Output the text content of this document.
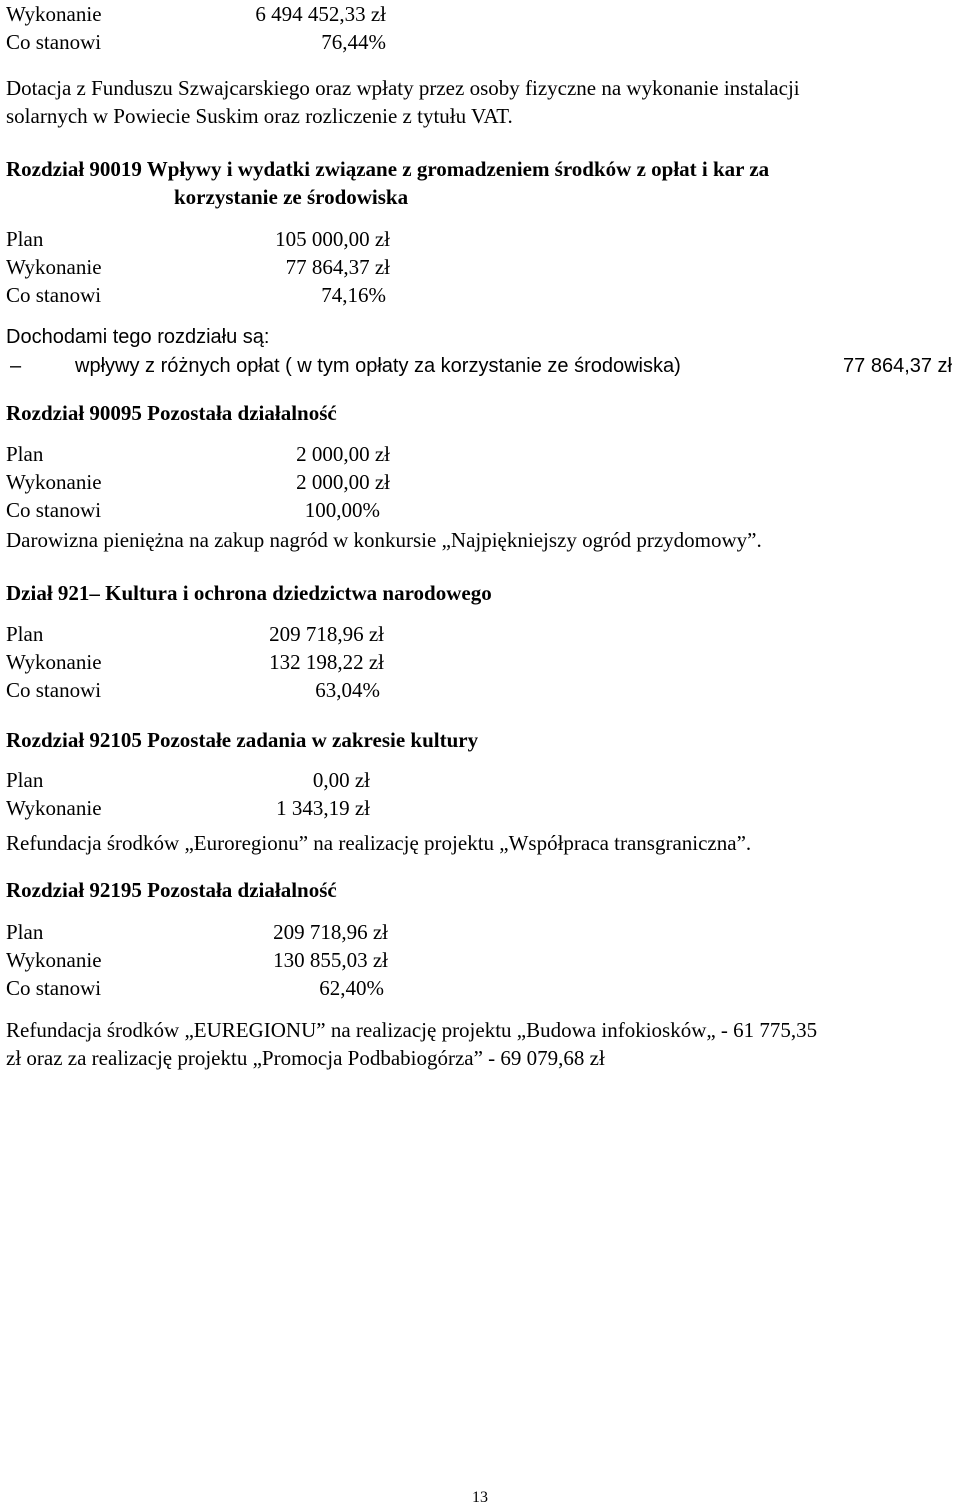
Wykonanie	6 494 452,33 zł
Co stanowi	76,44%
Dotacja z Funduszu Szwajcarskiego oraz wpłaty przez osoby fizyczne na wykonanie instalacji
solarnych w Powiecie Suskim oraz rozliczenie z tytułu VAT.
Rozdział 90019 Wpływy i wydatki związane z gromadzeniem środków z opłat i kar za
korzystanie ze środowiska
Plan	105 000,00 zł
Wykonanie	77 864,37 zł
Co stanowi	74,16%
Dochodami tego rozdziału są:
–	wpływy z różnych opłat ( w tym opłaty za korzystanie ze środowiska)	77 864,37 zł
Rozdział 90095 Pozostała działalność
Plan	2 000,00 zł
Wykonanie	2 000,00 zł
Co stanowi	100,00%
Darowizna pieniężna na zakup nagród w konkursie „Najpiękniejszy ogród przydomowy”.
Dział 921– Kultura i ochrona dziedzictwa narodowego
Plan	209 718,96 zł
Wykonanie	132 198,22 zł
Co stanowi	63,04%
Rozdział 92105 Pozostałe zadania w zakresie kultury
Plan	0,00 zł
Wykonanie	1 343,19 zł
Refundacja środków „Euroregionu” na realizację projektu „Współpraca transgraniczna”.
Rozdział 92195 Pozostała działalność
Plan	209 718,96 zł
Wykonanie	130 855,03 zł
Co stanowi	62,40%
Refundacja środków „EUREGIONU” na realizację projektu „Budowa infokiosków„ - 61 775,35
zł oraz za realizację projektu „Promocja Podbabiogórza” - 69 079,68 zł
13
